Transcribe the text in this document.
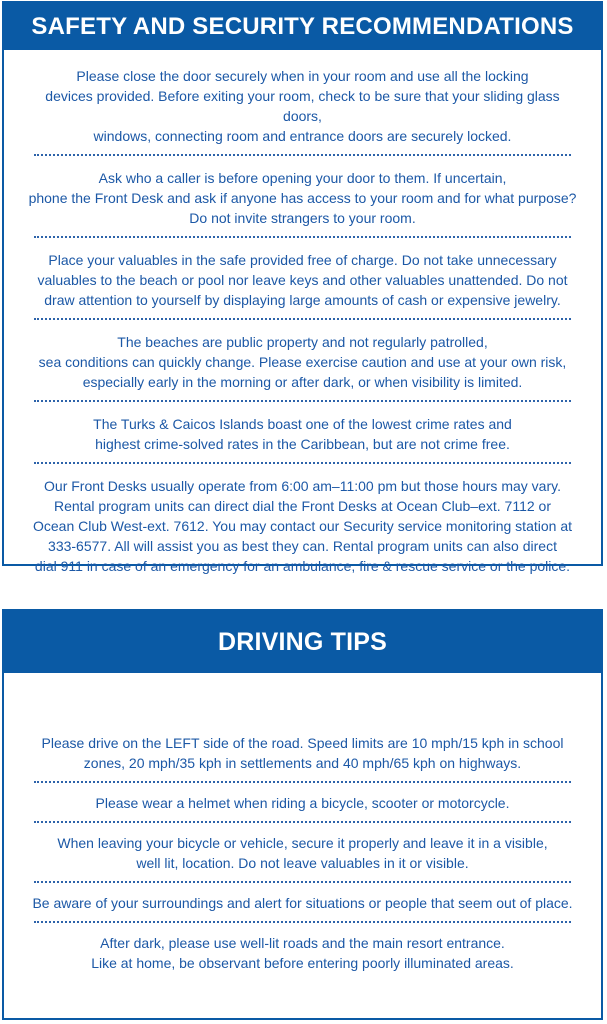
SAFETY AND SECURITY RECOMMENDATIONS

Please close the door securely when in your room and use all the locking
devices provided. Before exiting your room, check to be sure that your sliding glass doors,
windows, connecting room and entrance doors are securely locked.

Ask who a caller is before opening your door to them. If uncertain,
phone the Front Desk and ask if anyone has access to your room and for what purpose?
Do not invite strangers to your room.

Place your valuables in the safe provided free of charge. Do not take unnecessary
valuables to the beach or pool nor leave keys and other valuables unattended. Do not
draw attention to yourself by displaying large amounts of cash or expensive jewelry.

The beaches are public property and not regularly patrolled,
sea conditions can quickly change. Please exercise caution and use at your own risk,
especially early in the morning or after dark, or when visibility is limited.

The Turks & Caicos Islands boast one of the lowest crime rates and
highest crime-solved rates in the Caribbean, but are not crime free.

Our Front Desks usually operate from 6:00 am–11:00 pm but those hours may vary.
Rental program units can direct dial the Front Desks at Ocean Club–ext. 7112 or
Ocean Club West-ext. 7612. You may contact our Security service monitoring station at
333-6577. All will assist you as best they can. Rental program units can also direct
dial 911 in case of an emergency for an ambulance, fire & rescue service or the police.

DRIVING TIPS

Please drive on the LEFT side of the road. Speed limits are 10 mph/15 kph in school
zones, 20 mph/35 kph in settlements and 40 mph/65 kph on highways.

Please wear a helmet when riding a bicycle, scooter or motorcycle.

When leaving your bicycle or vehicle, secure it properly and leave it in a visible,
well lit, location. Do not leave valuables in it or visible.

Be aware of your surroundings and alert for situations or people that seem out of place.

After dark, please use well-lit roads and the main resort entrance.
Like at home, be observant before entering poorly illuminated areas.
